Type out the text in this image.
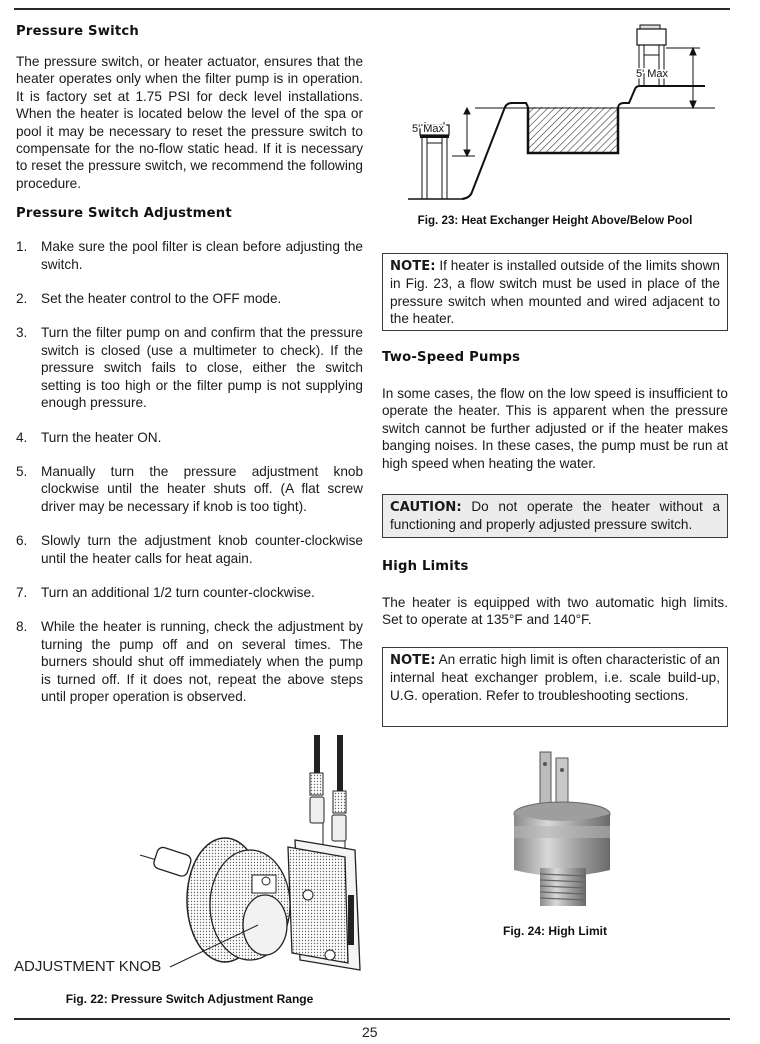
Pressure Switch

The pressure switch, or heater actuator, ensures that the heater operates only when the filter pump is in operation. It is factory set at 1.75 PSI for deck level installations. When the heater is located below the level of the spa or pool it may be necessary to reset the pressure switch to compensate for the no-flow static head. If it is necessary to reset the pressure switch, we recommend the following procedure.

Pressure Switch Adjustment
1. Make sure the pool filter is clean before adjusting the switch.
2. Set the heater control to the OFF mode.
3. Turn the filter pump on and confirm that the pressure switch is closed (use a multimeter to check). If the pressure switch fails to close, either the switch setting is too high or the filter pump is not supplying enough pressure.
4. Turn the heater ON.
5. Manually turn the pressure adjustment knob clockwise until the heater shuts off. (A flat screw driver may be necessary if knob is too tight).
6. Slowly turn the adjustment knob counter-clockwise until the heater calls for heat again.
7. Turn an additional 1/2 turn counter-clockwise.
8. While the heater is running, check the adjustment by turning the pump off and on several times. The burners should shut off immediately when the pump is turned off. If it does not, repeat the above steps until proper operation is observed.
ADJUSTMENT KNOB
Fig. 22: Pressure Switch Adjustment Range
5' Max
5' Max
Fig. 23: Heat Exchanger Height Above/Below Pool
NOTE: If heater is installed outside of the limits shown in Fig. 23, a flow switch must be used in place of the pressure switch when mounted and wired adjacent to the heater.
Two-Speed Pumps

In some cases, the flow on the low speed is insufficient to operate the heater. This is apparent when the pressure switch cannot be further adjusted or if the heater makes banging noises. In these cases, the pump must be run at high speed when heating the water.

CAUTION: Do not operate the heater without a functioning and properly adjusted pressure switch.
High Limits

The heater is equipped with two automatic high limits. Set to operate at 135°F and 140°F.

NOTE: An erratic high limit is often characteristic of an internal heat exchanger problem, i.e. scale build-up, U.G. operation. Refer to troubleshooting sections.
Fig. 24: High Limit
25
